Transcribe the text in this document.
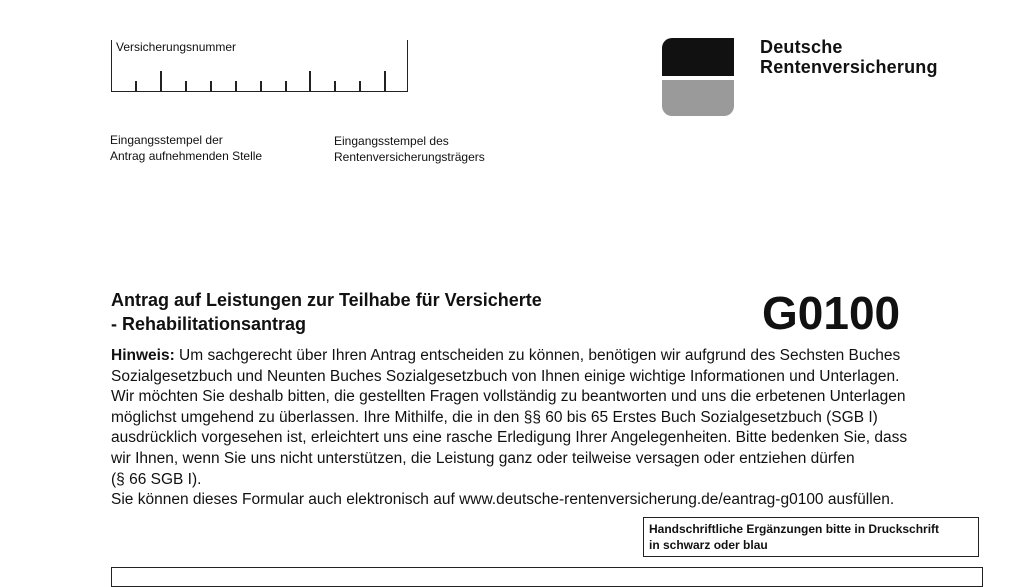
Versicherungsnummer
Eingangsstempel der
Antrag aufnehmenden Stelle
Eingangsstempel des
Rentenversicherungsträgers
Deutsche
Rentenversicherung
Antrag auf Leistungen zur Teilhabe für Versicherte
- Rehabilitationsantrag	G0100
Hinweis: Um sachgerecht über Ihren Antrag entscheiden zu können, benötigen wir aufgrund des Sechsten Buches
Sozialgesetzbuch und Neunten Buches Sozialgesetzbuch von Ihnen einige wichtige Informationen und Unterlagen.
Wir möchten Sie deshalb bitten, die gestellten Fragen vollständig zu beantworten und uns die erbetenen Unterlagen
möglichst umgehend zu überlassen. Ihre Mithilfe, die in den §§ 60 bis 65 Erstes Buch Sozialgesetzbuch (SGB I)
ausdrücklich vorgesehen ist, erleichtert uns eine rasche Erledigung Ihrer Angelegenheiten. Bitte bedenken Sie, dass
wir Ihnen, wenn Sie uns nicht unterstützen, die Leistung ganz oder teilweise versagen oder entziehen dürfen
(§ 66 SGB I).
Sie können dieses Formular auch elektronisch auf www.deutsche-rentenversicherung.de/eantrag-g0100 ausfüllen.
Handschriftliche Ergänzungen bitte in Druckschrift
in schwarz oder blau
